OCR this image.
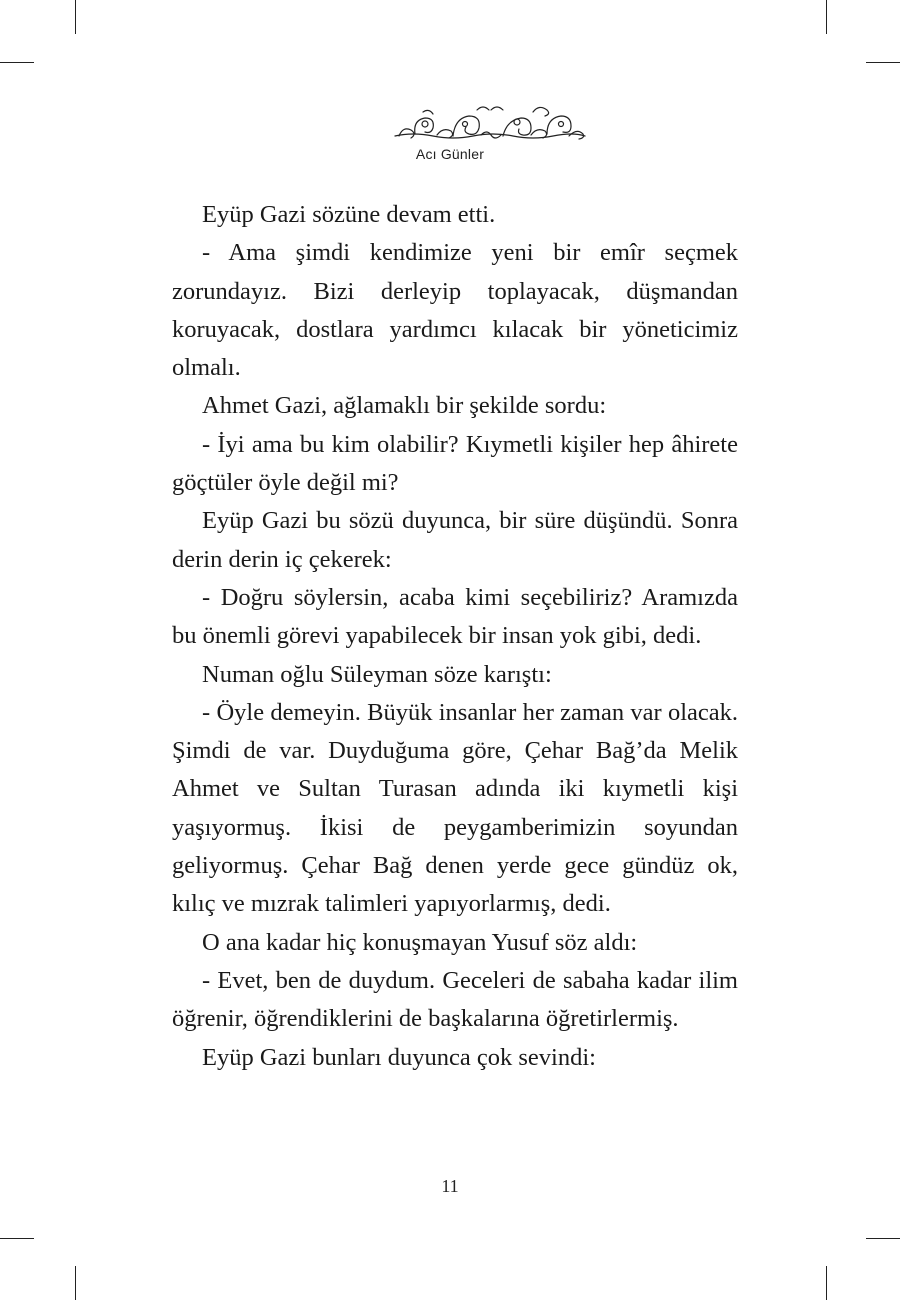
Acı Günler

Eyüp Gazi sözüne devam etti.

- Ama şimdi kendimize yeni bir emîr seçmek zorundayız. Bizi derleyip toplayacak, düşmandan koruyacak, dostlara yardımcı kılacak bir yöneticimiz olmalı.

Ahmet Gazi, ağlamaklı bir şekilde sordu:

- İyi ama bu kim olabilir? Kıymetli kişiler hep âhirete göçtüler öyle değil mi?

Eyüp Gazi bu sözü duyunca, bir süre düşündü. Sonra derin derin iç çekerek:

- Doğru söylersin, acaba kimi seçebiliriz? Aramızda bu önemli görevi yapabilecek bir insan yok gibi, dedi.

Numan oğlu Süleyman söze karıştı:

- Öyle demeyin. Büyük insanlar her zaman var olacak. Şimdi de var. Duyduğuma göre, Çehar Bağ’da Melik Ahmet ve Sultan Turasan adında iki kıymetli kişi yaşıyormuş. İkisi de peygamberimizin soyundan geliyormuş. Çehar Bağ denen yerde gece gündüz ok, kılıç ve mızrak talimleri yapıyorlarmış, dedi.

O ana kadar hiç konuşmayan Yusuf söz aldı:

- Evet, ben de duydum. Geceleri de sabaha kadar ilim öğrenir, öğrendiklerini de başkalarına öğretirlermiş.

Eyüp Gazi bunları duyunca çok sevindi:

11
